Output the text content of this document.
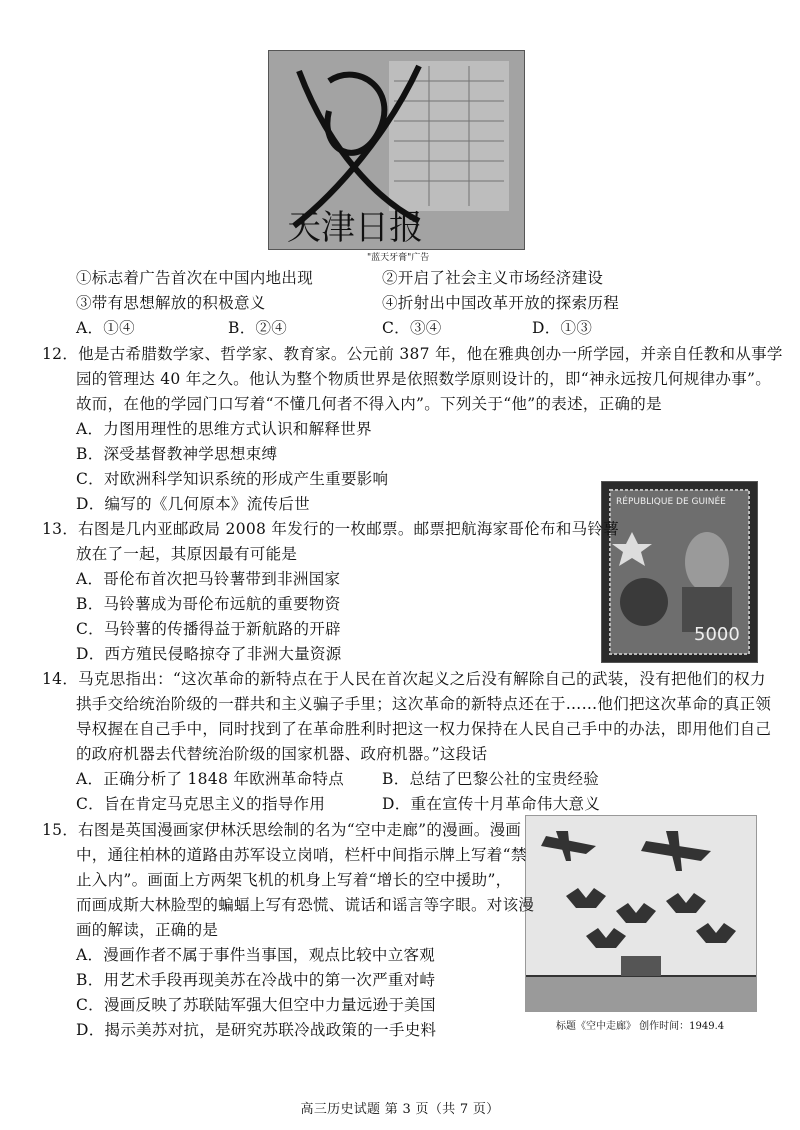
天津日报
"蓝天牙膏"广告
①标志着广告首次在中国内地出现	②开启了社会主义市场经济建设
③带有思想解放的积极意义	④折射出中国改革开放的探索历程
A．①④	B．②④	C．③④	D．①③
12．他是古希腊数学家、哲学家、教育家。公元前 387 年，他在雅典创办一所学园，并亲自任教和从事学
园的管理达 40 年之久。他认为整个物质世界是依照数学原则设计的，即“神永远按几何规律办事”。
故而，在他的学园门口写着“不懂几何者不得入内”。下列关于“他”的表述，正确的是
A．力图用理性的思维方式认识和解释世界
B．深受基督教神学思想束缚
C．对欧洲科学知识系统的形成产生重要影响
D．编写的《几何原本》流传后世	RÉPUBLIQUE DE GUINÉE
5000
13．右图是几内亚邮政局 2008 年发行的一枚邮票。邮票把航海家哥伦布和马铃薯
放在了一起，其原因最有可能是
A．哥伦布首次把马铃薯带到非洲国家
B．马铃薯成为哥伦布远航的重要物资
C．马铃薯的传播得益于新航路的开辟
D．西方殖民侵略掠夺了非洲大量资源
14．马克思指出：“这次革命的新特点在于人民在首次起义之后没有解除自己的武装，没有把他们的权力
拱手交给统治阶级的一群共和主义骗子手里；这次革命的新特点还在于……他们把这次革命的真正领
导权握在自己手中，同时找到了在革命胜利时把这一权力保持在人民自己手中的办法，即用他们自己
的政府机器去代替统治阶级的国家机器、政府机器。”这段话
A．正确分析了 1848 年欧洲革命特点 B．总结了巴黎公社的宝贵经验
C．旨在肯定马克思主义的指导作用	D．重在宣传十月革命伟大意义
标题《空中走廊》 创作时间：1949.4
15．右图是英国漫画家伊林沃思绘制的名为“空中走廊”的漫画。漫画
中，通往柏林的道路由苏军设立岗哨，栏杆中间指示牌上写着“禁
止入内”。画面上方两架飞机的机身上写着“增长的空中援助”，
而画成斯大林脸型的蝙蝠上写有恐慌、谎话和谣言等字眼。对该漫
画的解读，正确的是
A．漫画作者不属于事件当事国，观点比较中立客观
B．用艺术手段再现美苏在冷战中的第一次严重对峙
C．漫画反映了苏联陆军强大但空中力量远逊于美国
D．揭示美苏对抗，是研究苏联冷战政策的一手史料
高三历史试题 第 3 页（共 7 页）
